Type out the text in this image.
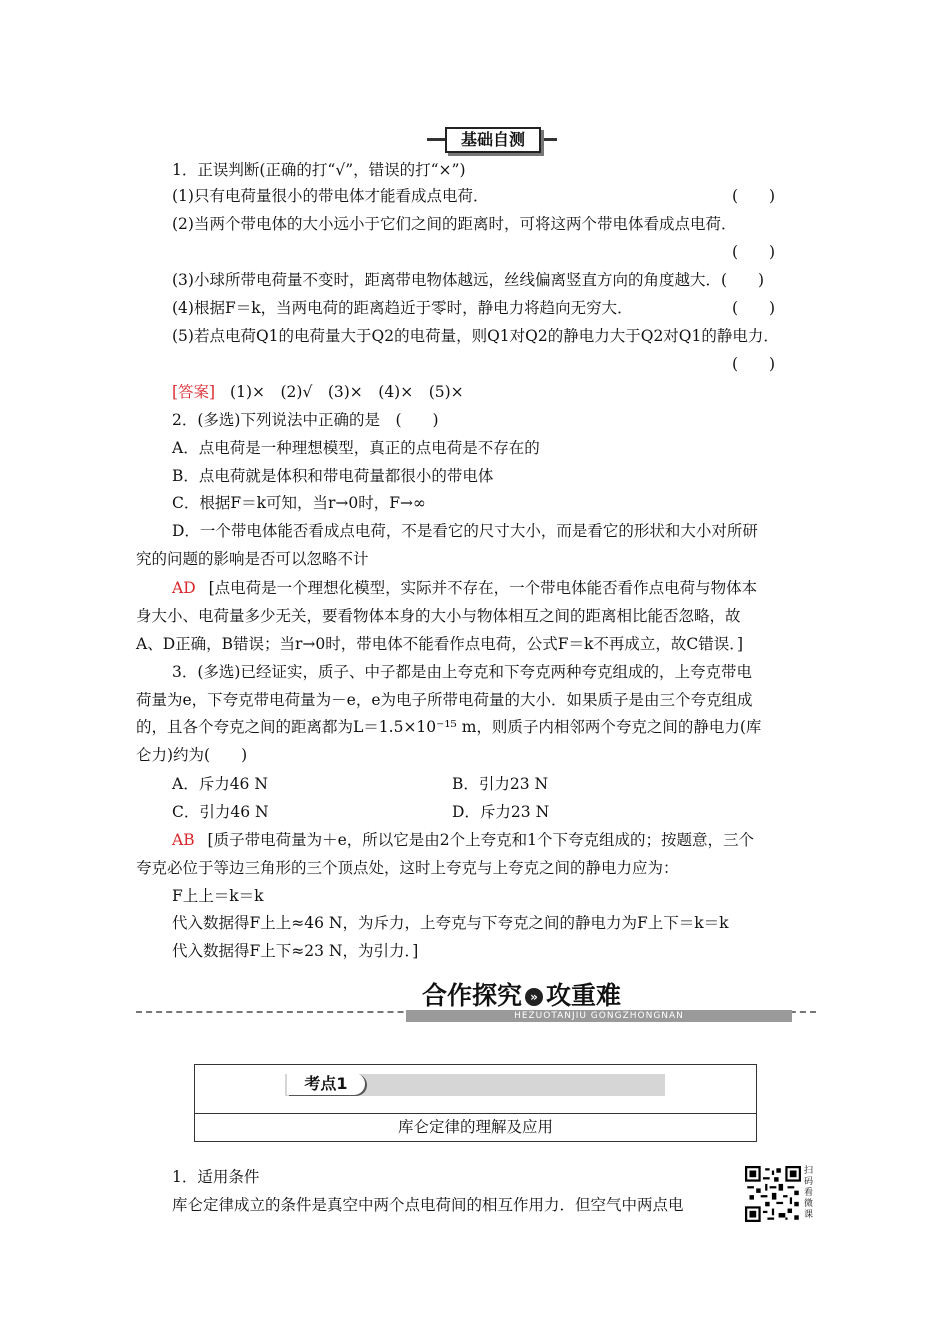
基础自测
1．正误判断(正确的打“√”，错误的打“×”)
(1)只有电荷量很小的带电体才能看成点电荷．	(　　)
(2)当两个带电体的大小远小于它们之间的距离时，可将这两个带电体看成点电荷．
(　　)
(3)小球所带电荷量不变时，距离带电物体越远，丝线偏离竖直方向的角度越大．(　　)
(4)根据F＝k，当两电荷的距离趋近于零时，静电力将趋向无穷大．	(　　)
(5)若点电荷Q1的电荷量大于Q2的电荷量，则Q1对Q2的静电力大于Q2对Q1的静电力．
(　　)
[答案] (1)×　(2)√　(3)×　(4)×　(5)×
2．(多选)下列说法中正确的是　(　　)
A．点电荷是一种理想模型，真正的点电荷是不存在的
B．点电荷就是体积和带电荷量都很小的带电体
C．根据F＝k可知，当r→0时，F→∞
D．一个带电体能否看成点电荷，不是看它的尺寸大小，而是看它的形状和大小对所研
究的问题的影响是否可以忽略不计
AD [点电荷是一个理想化模型，实际并不存在，一个带电体能否看作点电荷与物体本
身大小、电荷量多少无关，要看物体本身的大小与物体相互之间的距离相比能否忽略，故
A、D正确，B错误；当r→0时，带电体不能看作点电荷，公式F＝k不再成立，故C错误．]
3．(多选)已经证实，质子、中子都是由上夸克和下夸克两种夸克组成的，上夸克带电
荷量为e，下夸克带电荷量为－e，e为电子所带电荷量的大小．如果质子是由三个夸克组成
的，且各个夸克之间的距离都为L＝1.5×10⁻¹⁵ m，则质子内相邻两个夸克之间的静电力(库
仑力)约为(　　)
A．斥力46 N	B．引力23 N
C．引力46 N	D．斥力23 N
AB [质子带电荷量为＋e，所以它是由2个上夸克和1个下夸克组成的；按题意，三个
夸克必位于等边三角形的三个顶点处，这时上夸克与上夸克之间的静电力应为：
F上上＝k＝k
代入数据得F上上≈46 N，为斥力，上夸克与下夸克之间的静电力为F上下＝k＝k
代入数据得F上下≈23 N，为引力．]
合作探究 » 攻重难
HEZUOTANJIU GONGZHONGNAN
考点1
库仑定律的理解及应用
1．适用条件
库仑定律成立的条件是真空中两个点电荷间的相互作用力．但空气中两点电
扫码看微课
